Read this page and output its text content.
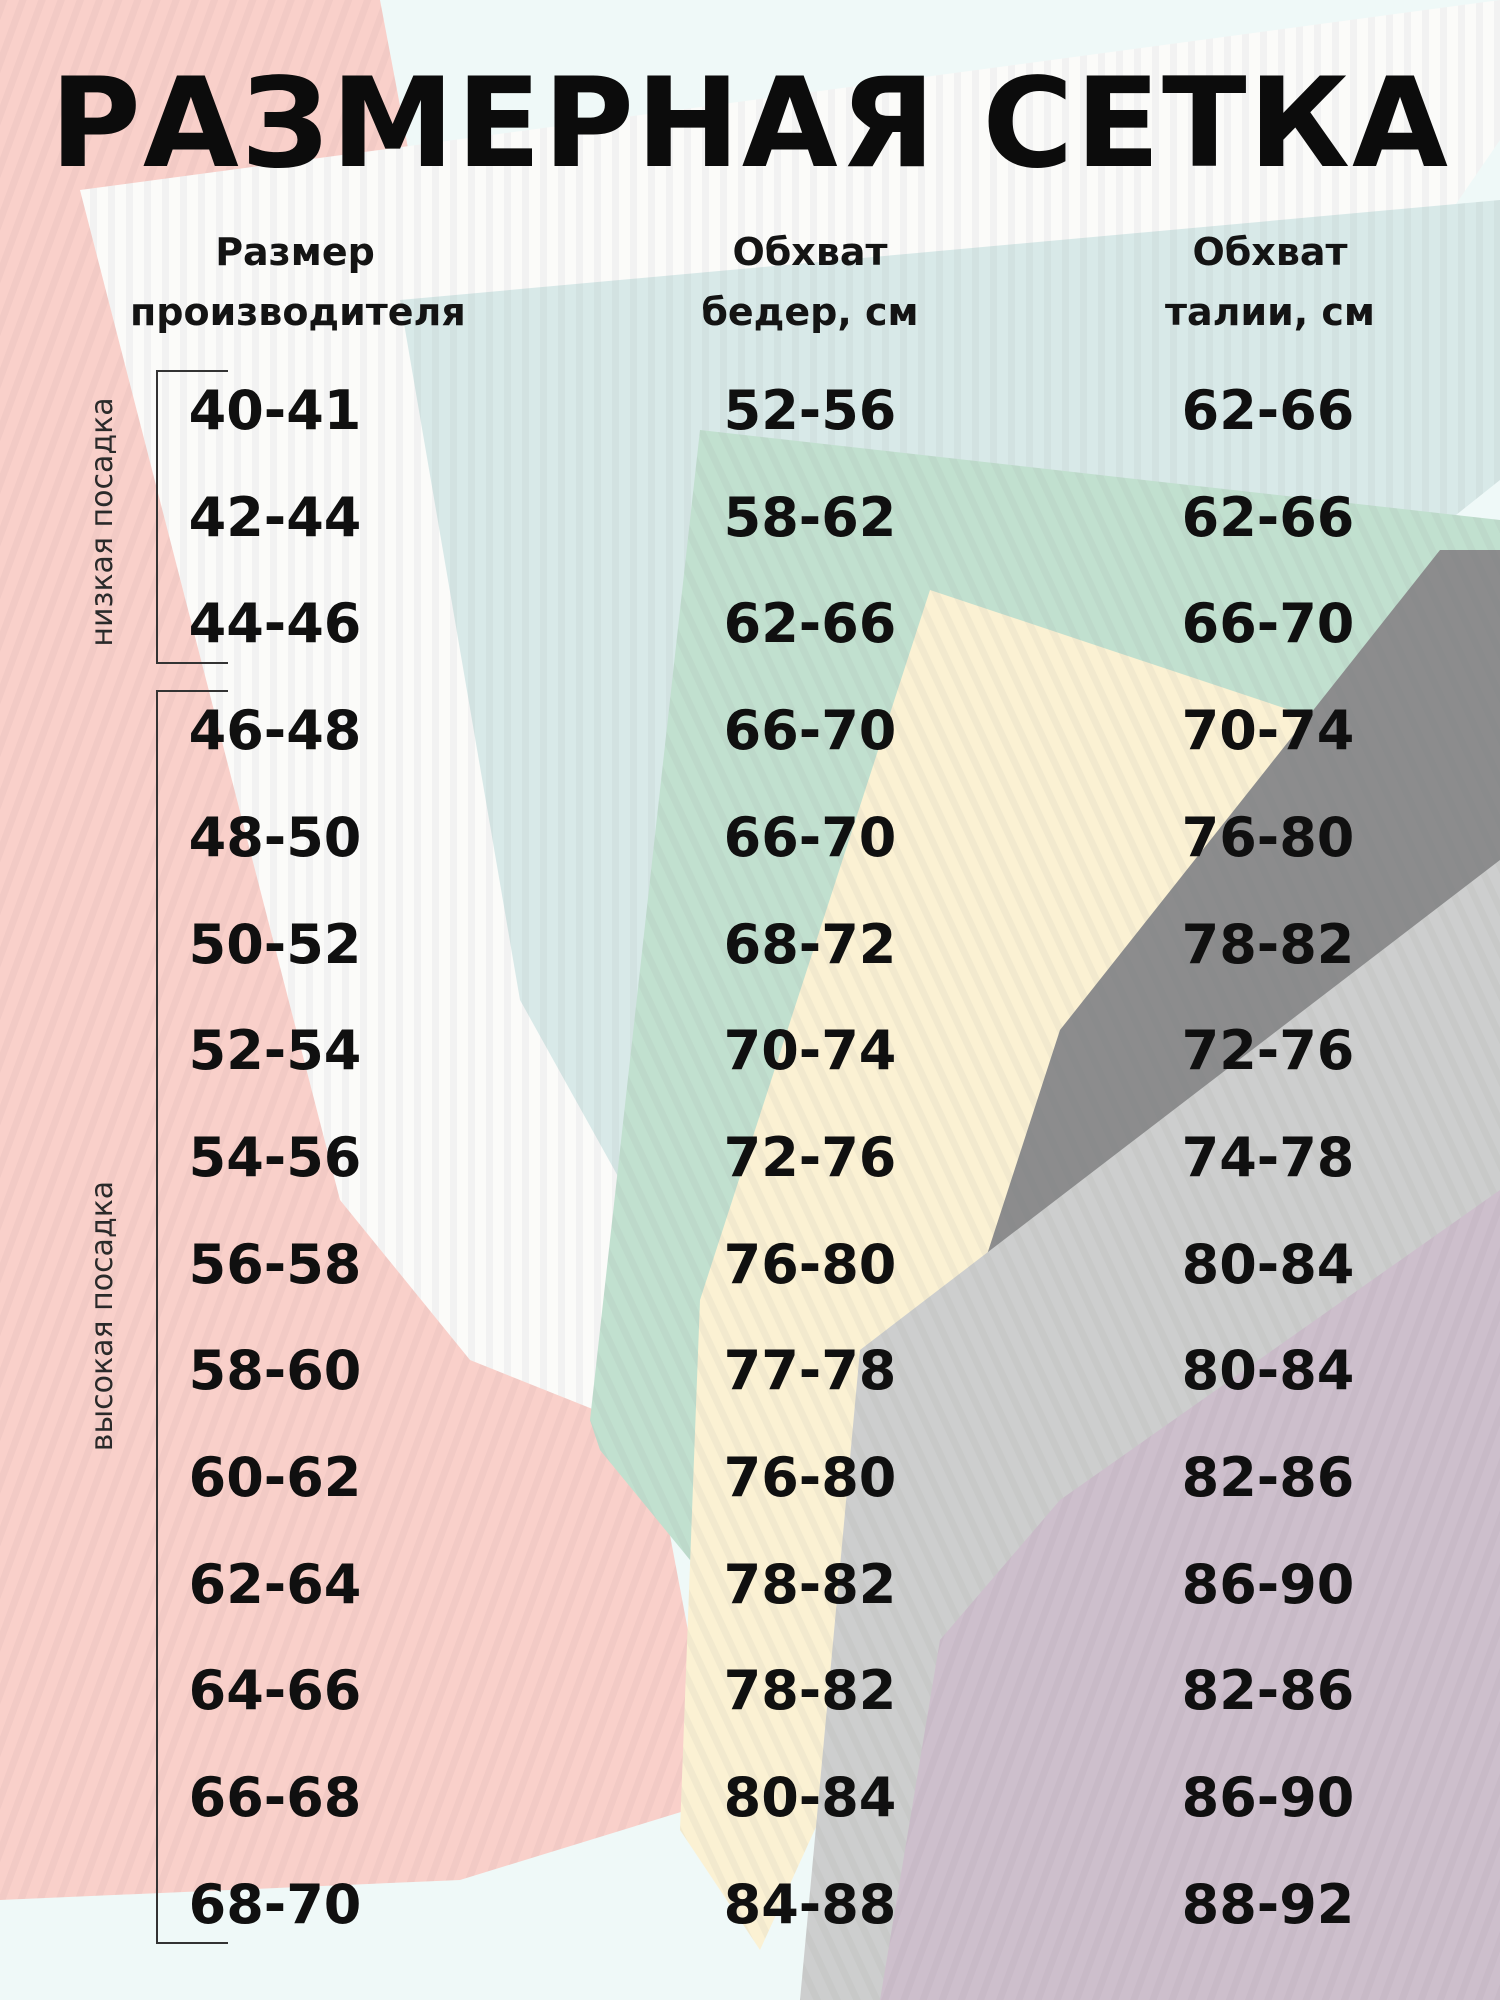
РАЗМЕРНАЯ СЕТКА
Размер
производителя
Обхват
бедер, см
Обхват
талии, см
низкая посадка
высокая посадка
40-41	52-56	62-66
42-44	58-62	62-66
44-46	62-66	66-70
46-48	66-70	70-74
48-50	66-70	76-80
50-52	68-72	78-82
52-54	70-74	72-76
54-56	72-76	74-78
56-58	76-80	80-84
58-60	77-78	80-84
60-62	76-80	82-86
62-64	78-82	86-90
64-66	78-82	82-86
66-68	80-84	86-90
68-70	84-88	88-92
